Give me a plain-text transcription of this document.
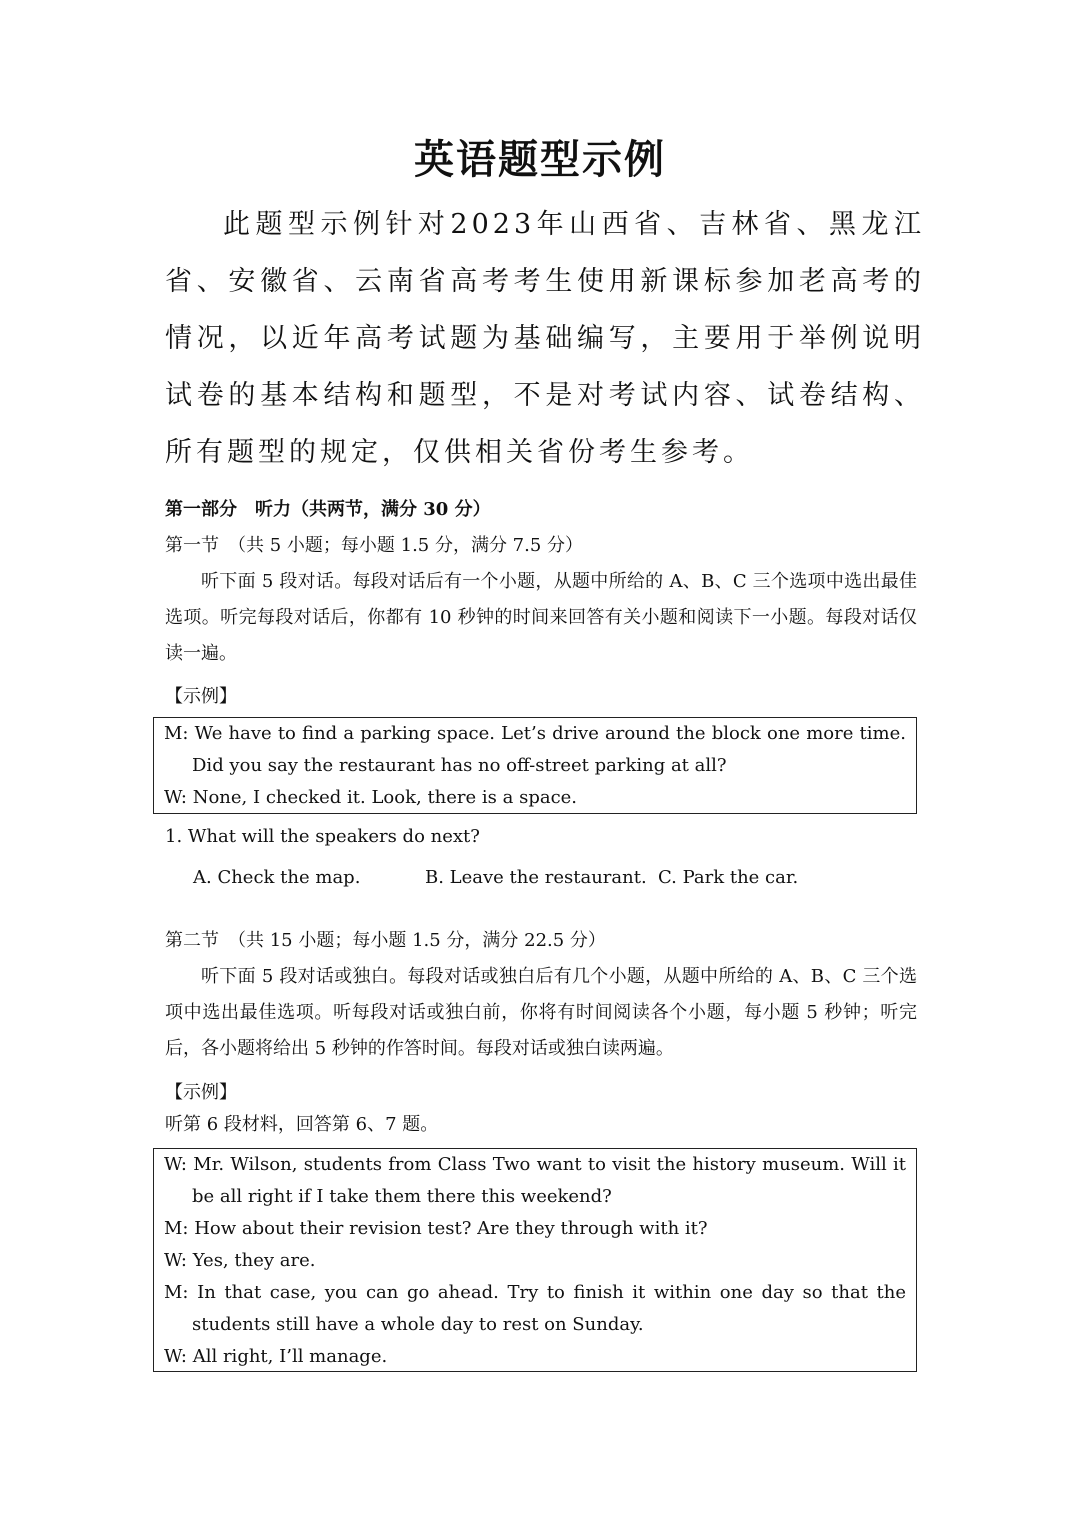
英语题型示例
此题型示例针对2023年山西省、吉林省、黑龙江省、安徽省、云南省高考考生使用新课标参加老高考的情况，以近年高考试题为基础编写，主要用于举例说明试卷的基本结构和题型，不是对考试内容、试卷结构、所有题型的规定，仅供相关省份考生参考。
第一部分　听力（共两节，满分 30 分）
第一节　（共 5 小题；每小题 1.5 分，满分 7.5 分）
听下面 5 段对话。每段对话后有一个小题，从题中所给的 A、B、C 三个选项中选出最佳选项。听完每段对话后，你都有 10 秒钟的时间来回答有关小题和阅读下一小题。每段对话仅读一遍。
【示例】
M: We have to find a parking space. Let’s drive around the block one more time. Did you say the restaurant has no off-street parking at all?
W: None, I checked it. Look, there is a space.
1. What will the speakers do next?
A. Check the map.	B. Leave the restaurant. C. Park the car.
第二节　（共 15 小题；每小题 1.5 分，满分 22.5 分）
听下面 5 段对话或独白。每段对话或独白后有几个小题，从题中所给的 A、B、C 三个选项中选出最佳选项。听每段对话或独白前，你将有时间阅读各个小题，每小题 5 秒钟；听完后，各小题将给出 5 秒钟的作答时间。每段对话或独白读两遍。
【示例】
听第 6 段材料，回答第 6、7 题。
W: Mr. Wilson, students from Class Two want to visit the history museum. Will it be all right if I take them there this weekend?
M: How about their revision test? Are they through with it?
W: Yes, they are.
M: In that case, you can go ahead. Try to finish it within one day so that the students still have a whole day to rest on Sunday.
W: All right, I’ll manage.
